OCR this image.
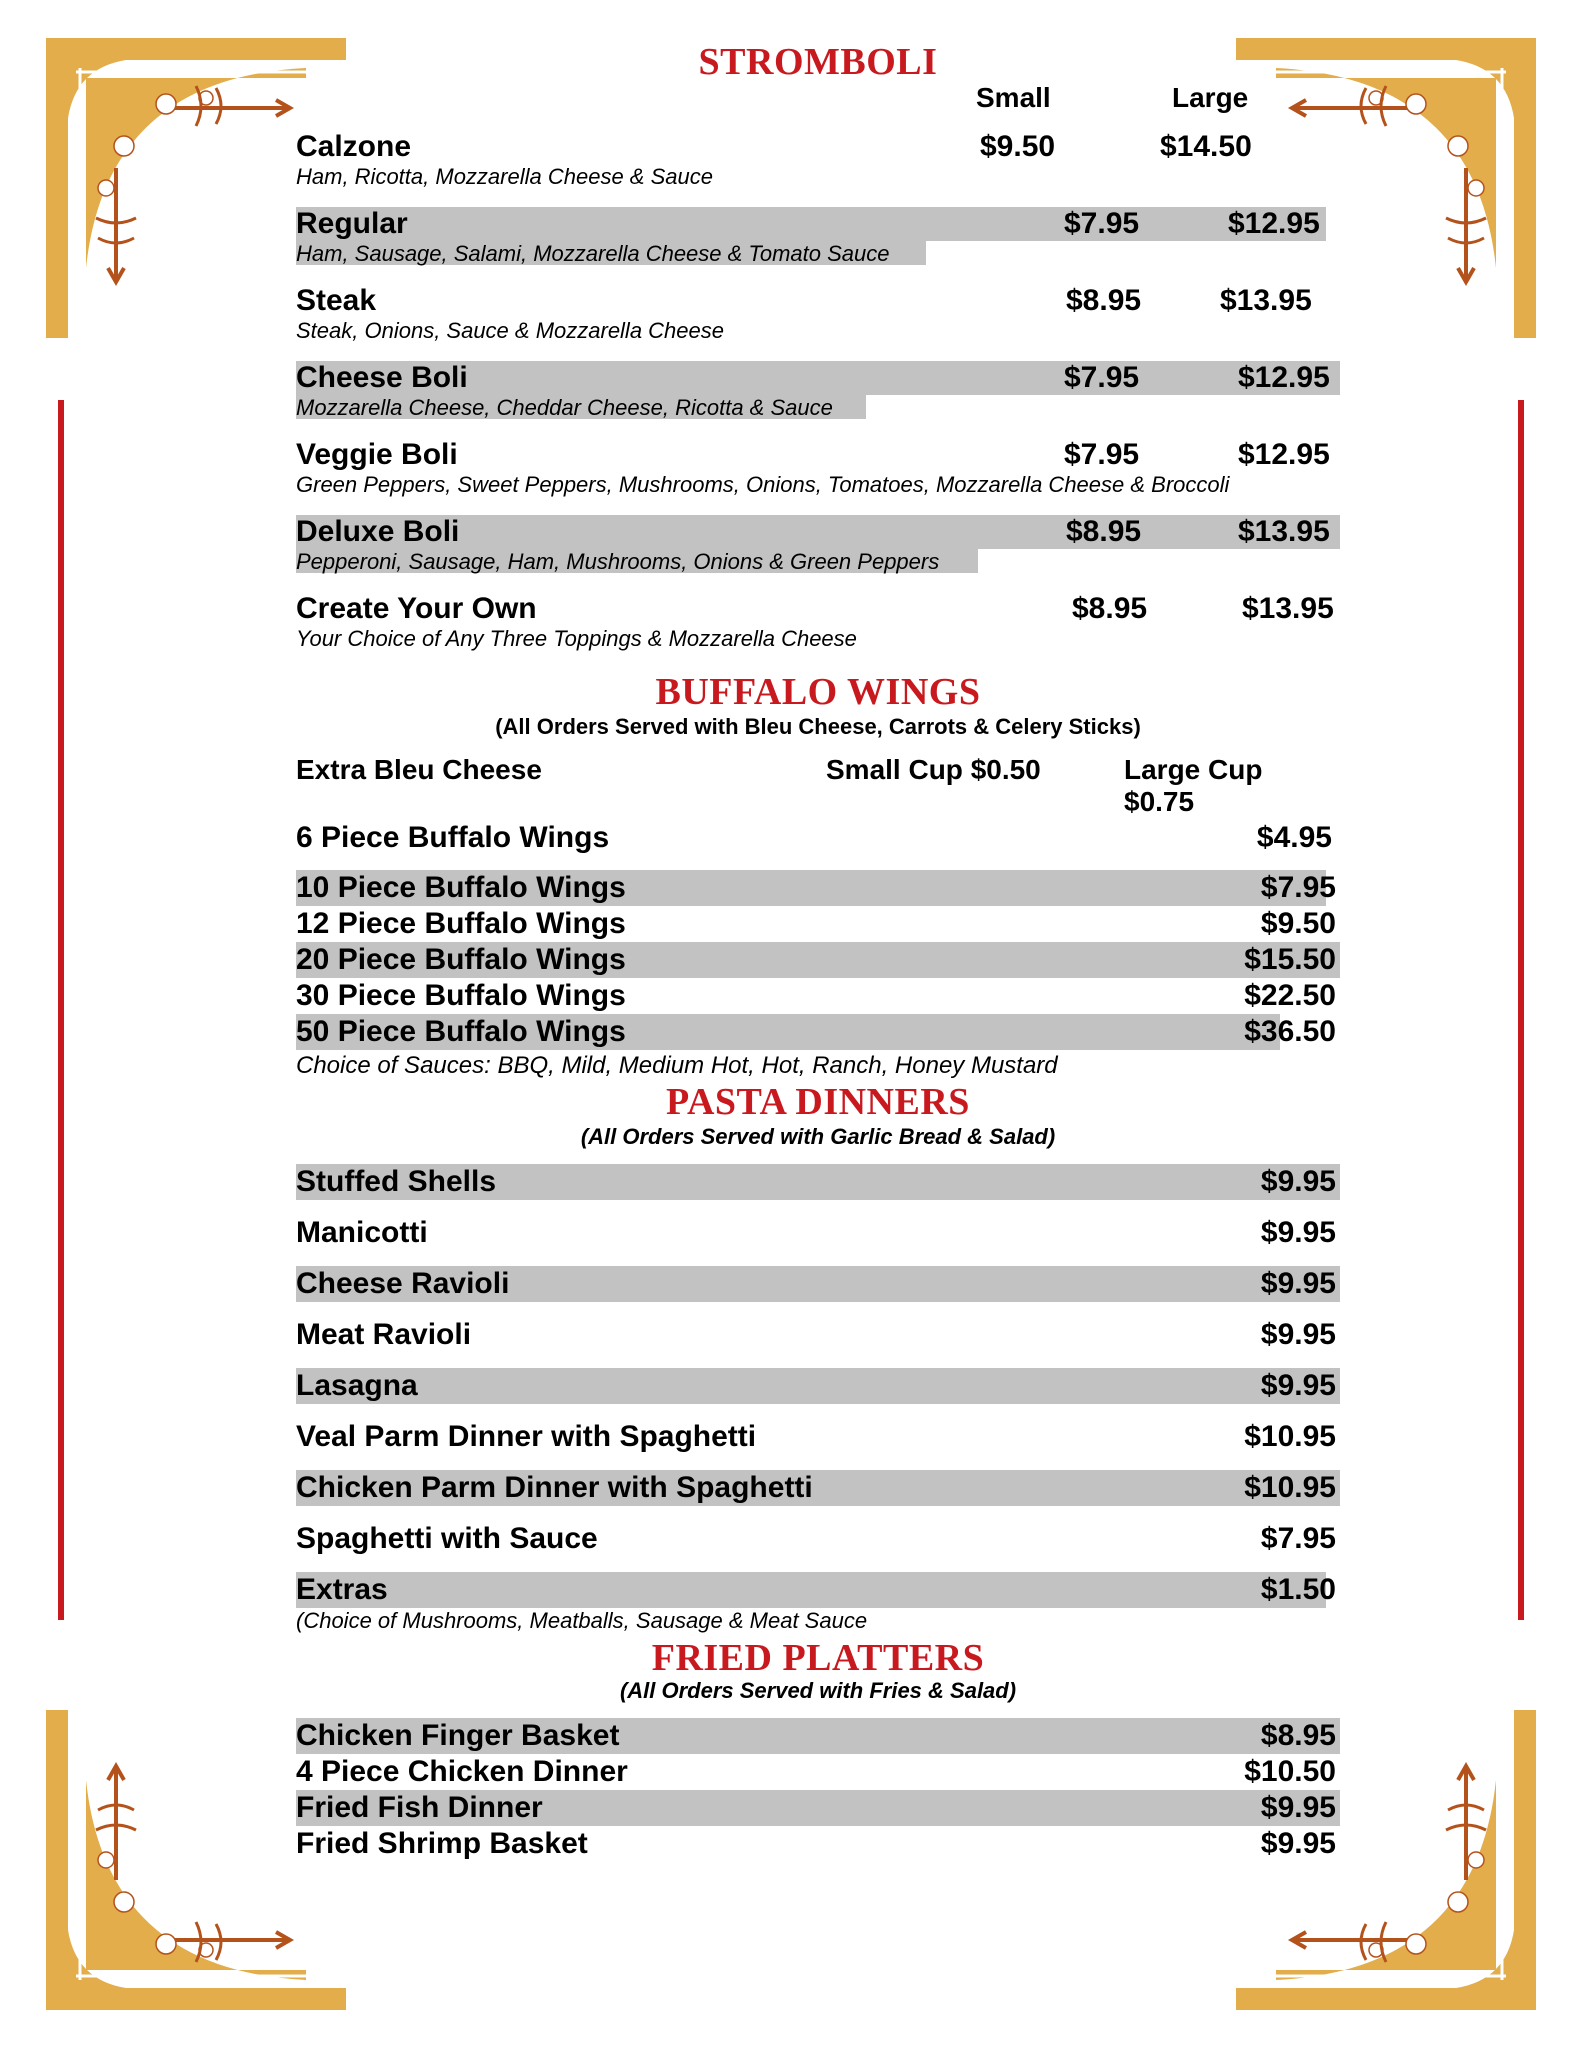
STROMBOLI
Small	Large
Calzone	$9.50	$14.50
Ham, Ricotta, Mozzarella Cheese & Sauce
Regular	$7.95	$12.95
Ham, Sausage, Salami, Mozzarella Cheese & Tomato Sauce
Steak	$8.95	$13.95
Steak, Onions, Sauce & Mozzarella Cheese
Cheese Boli	$7.95	$12.95
Mozzarella Cheese, Cheddar Cheese, Ricotta & Sauce
Veggie Boli	$7.95	$12.95
Green Peppers, Sweet Peppers, Mushrooms, Onions, Tomatoes, Mozzarella Cheese & Broccoli
Deluxe Boli	$8.95	$13.95
Pepperoni, Sausage, Ham, Mushrooms, Onions & Green Peppers
Create Your Own	$8.95	$13.95
Your Choice of Any Three Toppings & Mozzarella Cheese
BUFFALO WINGS
(All Orders Served with Bleu Cheese, Carrots & Celery Sticks)
Extra Bleu Cheese	Small Cup $0.50	Large Cup $0.75
6 Piece Buffalo Wings	$4.95
10 Piece Buffalo Wings	$7.95
12 Piece Buffalo Wings	$9.50
20 Piece Buffalo Wings	$15.50
30 Piece Buffalo Wings	$22.50
50 Piece Buffalo Wings	$36.50
Choice of Sauces: BBQ, Mild, Medium Hot, Hot, Ranch, Honey Mustard
PASTA DINNERS
(All Orders Served with Garlic Bread & Salad)
Stuffed Shells	$9.95
Manicotti	$9.95
Cheese Ravioli	$9.95
Meat Ravioli	$9.95
Lasagna	$9.95
Veal Parm Dinner with Spaghetti	$10.95
Chicken Parm Dinner with Spaghetti	$10.95
Spaghetti with Sauce	$7.95
Extras	$1.50
(Choice of Mushrooms, Meatballs, Sausage & Meat Sauce
FRIED PLATTERS
(All Orders Served with Fries & Salad)
Chicken Finger Basket	$8.95
4 Piece Chicken Dinner	$10.50
Fried Fish Dinner	$9.95
Fried Shrimp Basket	$9.95
